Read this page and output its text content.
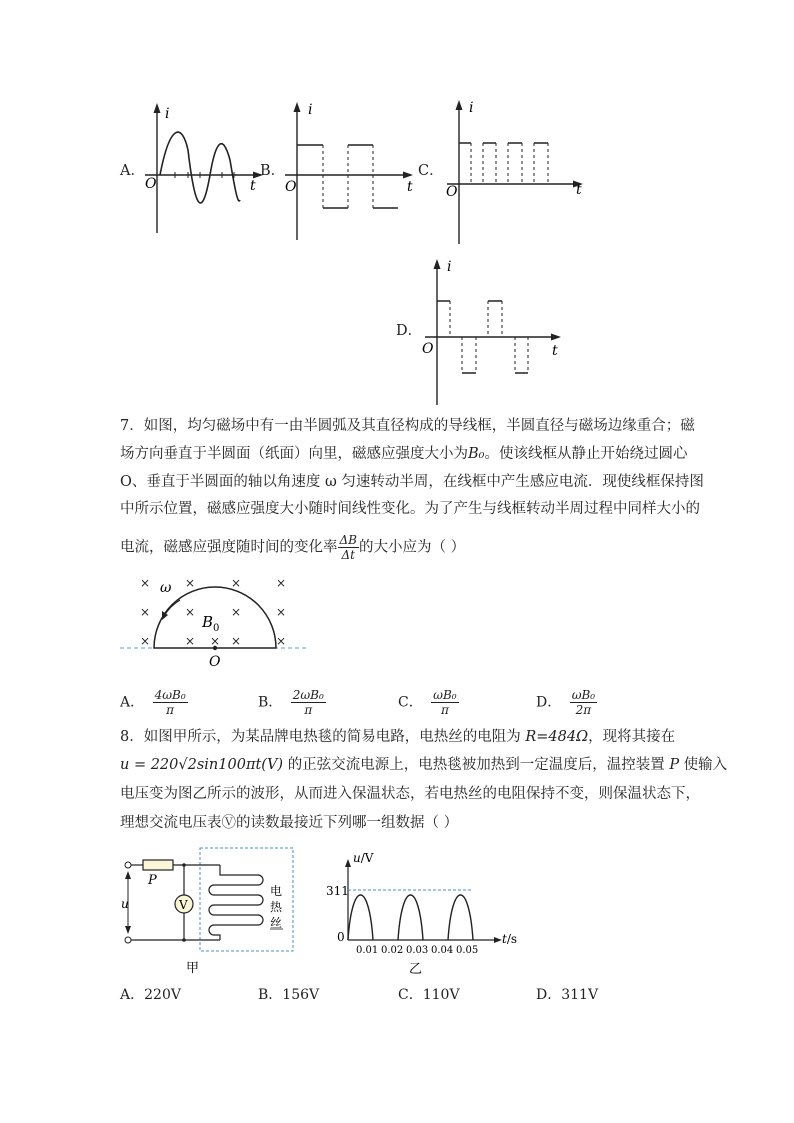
A．
O
i
t
B．
O
i
t
C．
O
i
t
D．
O
i
t
7．如图，均匀磁场中有一由半圆弧及其直径构成的导线框，半圆直径与磁场边缘重合；磁
场方向垂直于半圆面（纸面）向里，磁感应强度大小为B₀。使该线框从静止开始绕过圆心
O、垂直于半圆面的轴以角速度 ω 匀速转动半周，在线框中产生感应电流．现使线框保持图
中所示位置，磁感应强度大小随时间线性变化。为了产生与线框转动半周过程中同样大小的
电流，磁感应强度随时间的变化率 $\frac{\Delta B}{\Delta t}$ 的大小应为（ ）
×	×	×	×
×	×	×	×
×	× × ×	×
ω
B 0
O
A． $\frac{\text{4ωB₀}}{\pi}$	B． $\frac{\text{2ωB₀}}{\pi}$	C． $\frac{\text{ωB₀}}{\pi}$	D． $\frac{\text{ωB₀}}{2\pi}$
8．如图甲所示，为某品牌电热毯的简易电路，电热丝的电阻为 R=484Ω，现将其接在
u = 220√2sin100πt(V) 的正弦交流电源上，电热毯被加热到一定温度后，温控装置 P 使输入
电压变为图乙所示的波形，从而进入保温状态，若电热丝的电阻保持不变，则保温状态下，
理想交流电压表Ⓥ的读数最接近下列哪一组数据（ ）
V
u
P
电
热
丝
甲
u/V
311
0
0.01 0.02 0.03 0.04 0.05
t/s
乙
A．220V	B．156V	C．110V	D．311V
